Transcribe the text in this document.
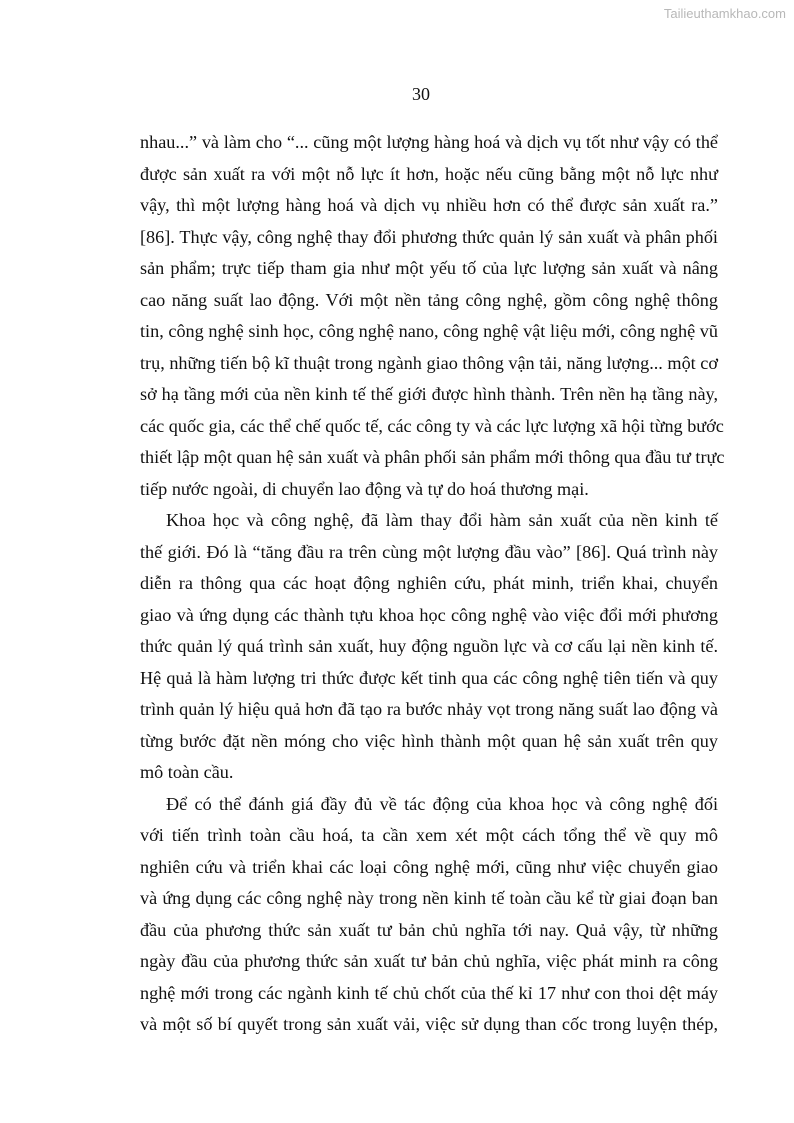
Tailieuthamkhao.com
30
nhau...” và làm cho “... cũng một lượng hàng hoá và dịch vụ tốt như vậy có thể
được sản xuất ra với một nỗ lực ít hơn, hoặc nếu cũng bằng một nỗ lực như
vậy, thì một lượng hàng hoá và dịch vụ nhiều hơn có thể được sản xuất ra.”
[86]. Thực vậy, công nghệ thay đổi phương thức quản lý sản xuất và phân phối
sản phẩm; trực tiếp tham gia như một yếu tố của lực lượng sản xuất và nâng
cao năng suất lao động. Với một nền tảng công nghệ, gồm công nghệ thông
tin, công nghệ sinh học, công nghệ nano, công nghệ vật liệu mới, công nghệ vũ
trụ, những tiến bộ kĩ thuật trong ngành giao thông vận tải, năng lượng... một cơ
sở hạ tầng mới của nền kinh tế thế giới được hình thành. Trên nền hạ tầng này,
các quốc gia, các thể chế quốc tế, các công ty và các lực lượng xã hội từng bước
thiết lập một quan hệ sản xuất và phân phối sản phẩm mới thông qua đầu tư trực
tiếp nước ngoài, di chuyển lao động và tự do hoá thương mại.
Khoa học và công nghệ, đã làm thay đổi hàm sản xuất của nền kinh tế
thế giới. Đó là “tăng đầu ra trên cùng một lượng đầu vào” [86]. Quá trình này
diễn ra thông qua các hoạt động nghiên cứu, phát minh, triển khai, chuyển
giao và ứng dụng các thành tựu khoa học công nghệ vào việc đổi mới phương
thức quản lý quá trình sản xuất, huy động nguồn lực và cơ cấu lại nền kinh tế.
Hệ quả là hàm lượng tri thức được kết tinh qua các công nghệ tiên tiến và quy
trình quản lý hiệu quả hơn đã tạo ra bước nhảy vọt trong năng suất lao động và
từng bước đặt nền móng cho việc hình thành một quan hệ sản xuất trên quy
mô toàn cầu.
Để có thể đánh giá đầy đủ về tác động của khoa học và công nghệ đối
với tiến trình toàn cầu hoá, ta cần xem xét một cách tổng thể về quy mô
nghiên cứu và triển khai các loại công nghệ mới, cũng như việc chuyển giao
và ứng dụng các công nghệ này trong nền kinh tế toàn cầu kể từ giai đoạn ban
đầu của phương thức sản xuất tư bản chủ nghĩa tới nay. Quả vậy, từ những
ngày đầu của phương thức sản xuất tư bản chủ nghĩa, việc phát minh ra công
nghệ mới trong các ngành kinh tế chủ chốt của thế kỉ 17 như con thoi dệt máy
và một số bí quyết trong sản xuất vải, việc sử dụng than cốc trong luyện thép,
